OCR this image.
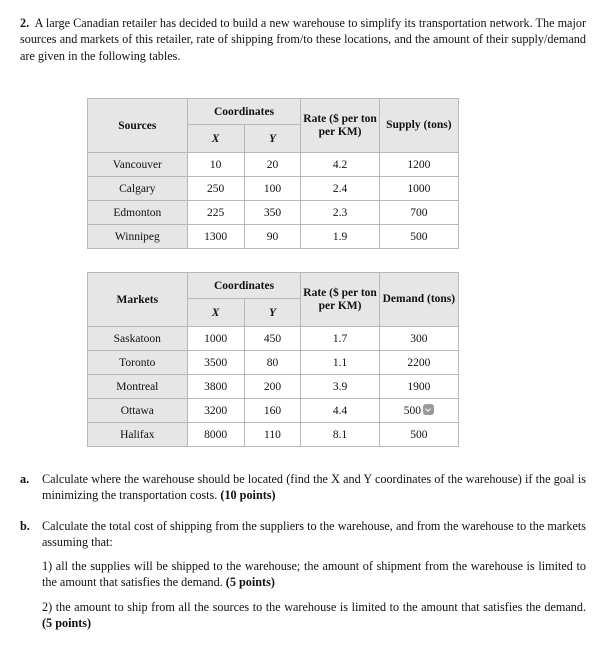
2. A large Canadian retailer has decided to build a new warehouse to simplify its transportation network. The major sources and markets of this retailer, rate of shipping from/to these locations, and the amount of their supply/demand are given in the following tables.
Sources	Coordinates		Rate ($ per ton per KM)	Supply (tons)
	X	Y		
Vancouver	10	20	4.2	1200
Calgary	250	100	2.4	1000
Edmonton	225	350	2.3	700
Winnipeg	1300	90	1.9	500
Markets	Coordinates		Rate ($ per ton per KM)	Demand (tons)
	X	Y		
Saskatoon	1000	450	1.7	300
Toronto	3500	80	1.1	2200
Montreal	3800	200	3.9	1900
Ottawa	3200	160	4.4	500
Halifax	8000	110	8.1	500
a. Calculate where the warehouse should be located (find the X and Y coordinates of the warehouse) if the goal is minimizing the transportation costs. (10 points)
b. Calculate the total cost of shipping from the suppliers to the warehouse, and from the warehouse to the markets assuming that:
1) all the supplies will be shipped to the warehouse; the amount of shipment from the warehouse is limited to the amount that satisfies the demand. (5 points)
2) the amount to ship from all the sources to the warehouse is limited to the amount that satisfies the demand. (5 points)
